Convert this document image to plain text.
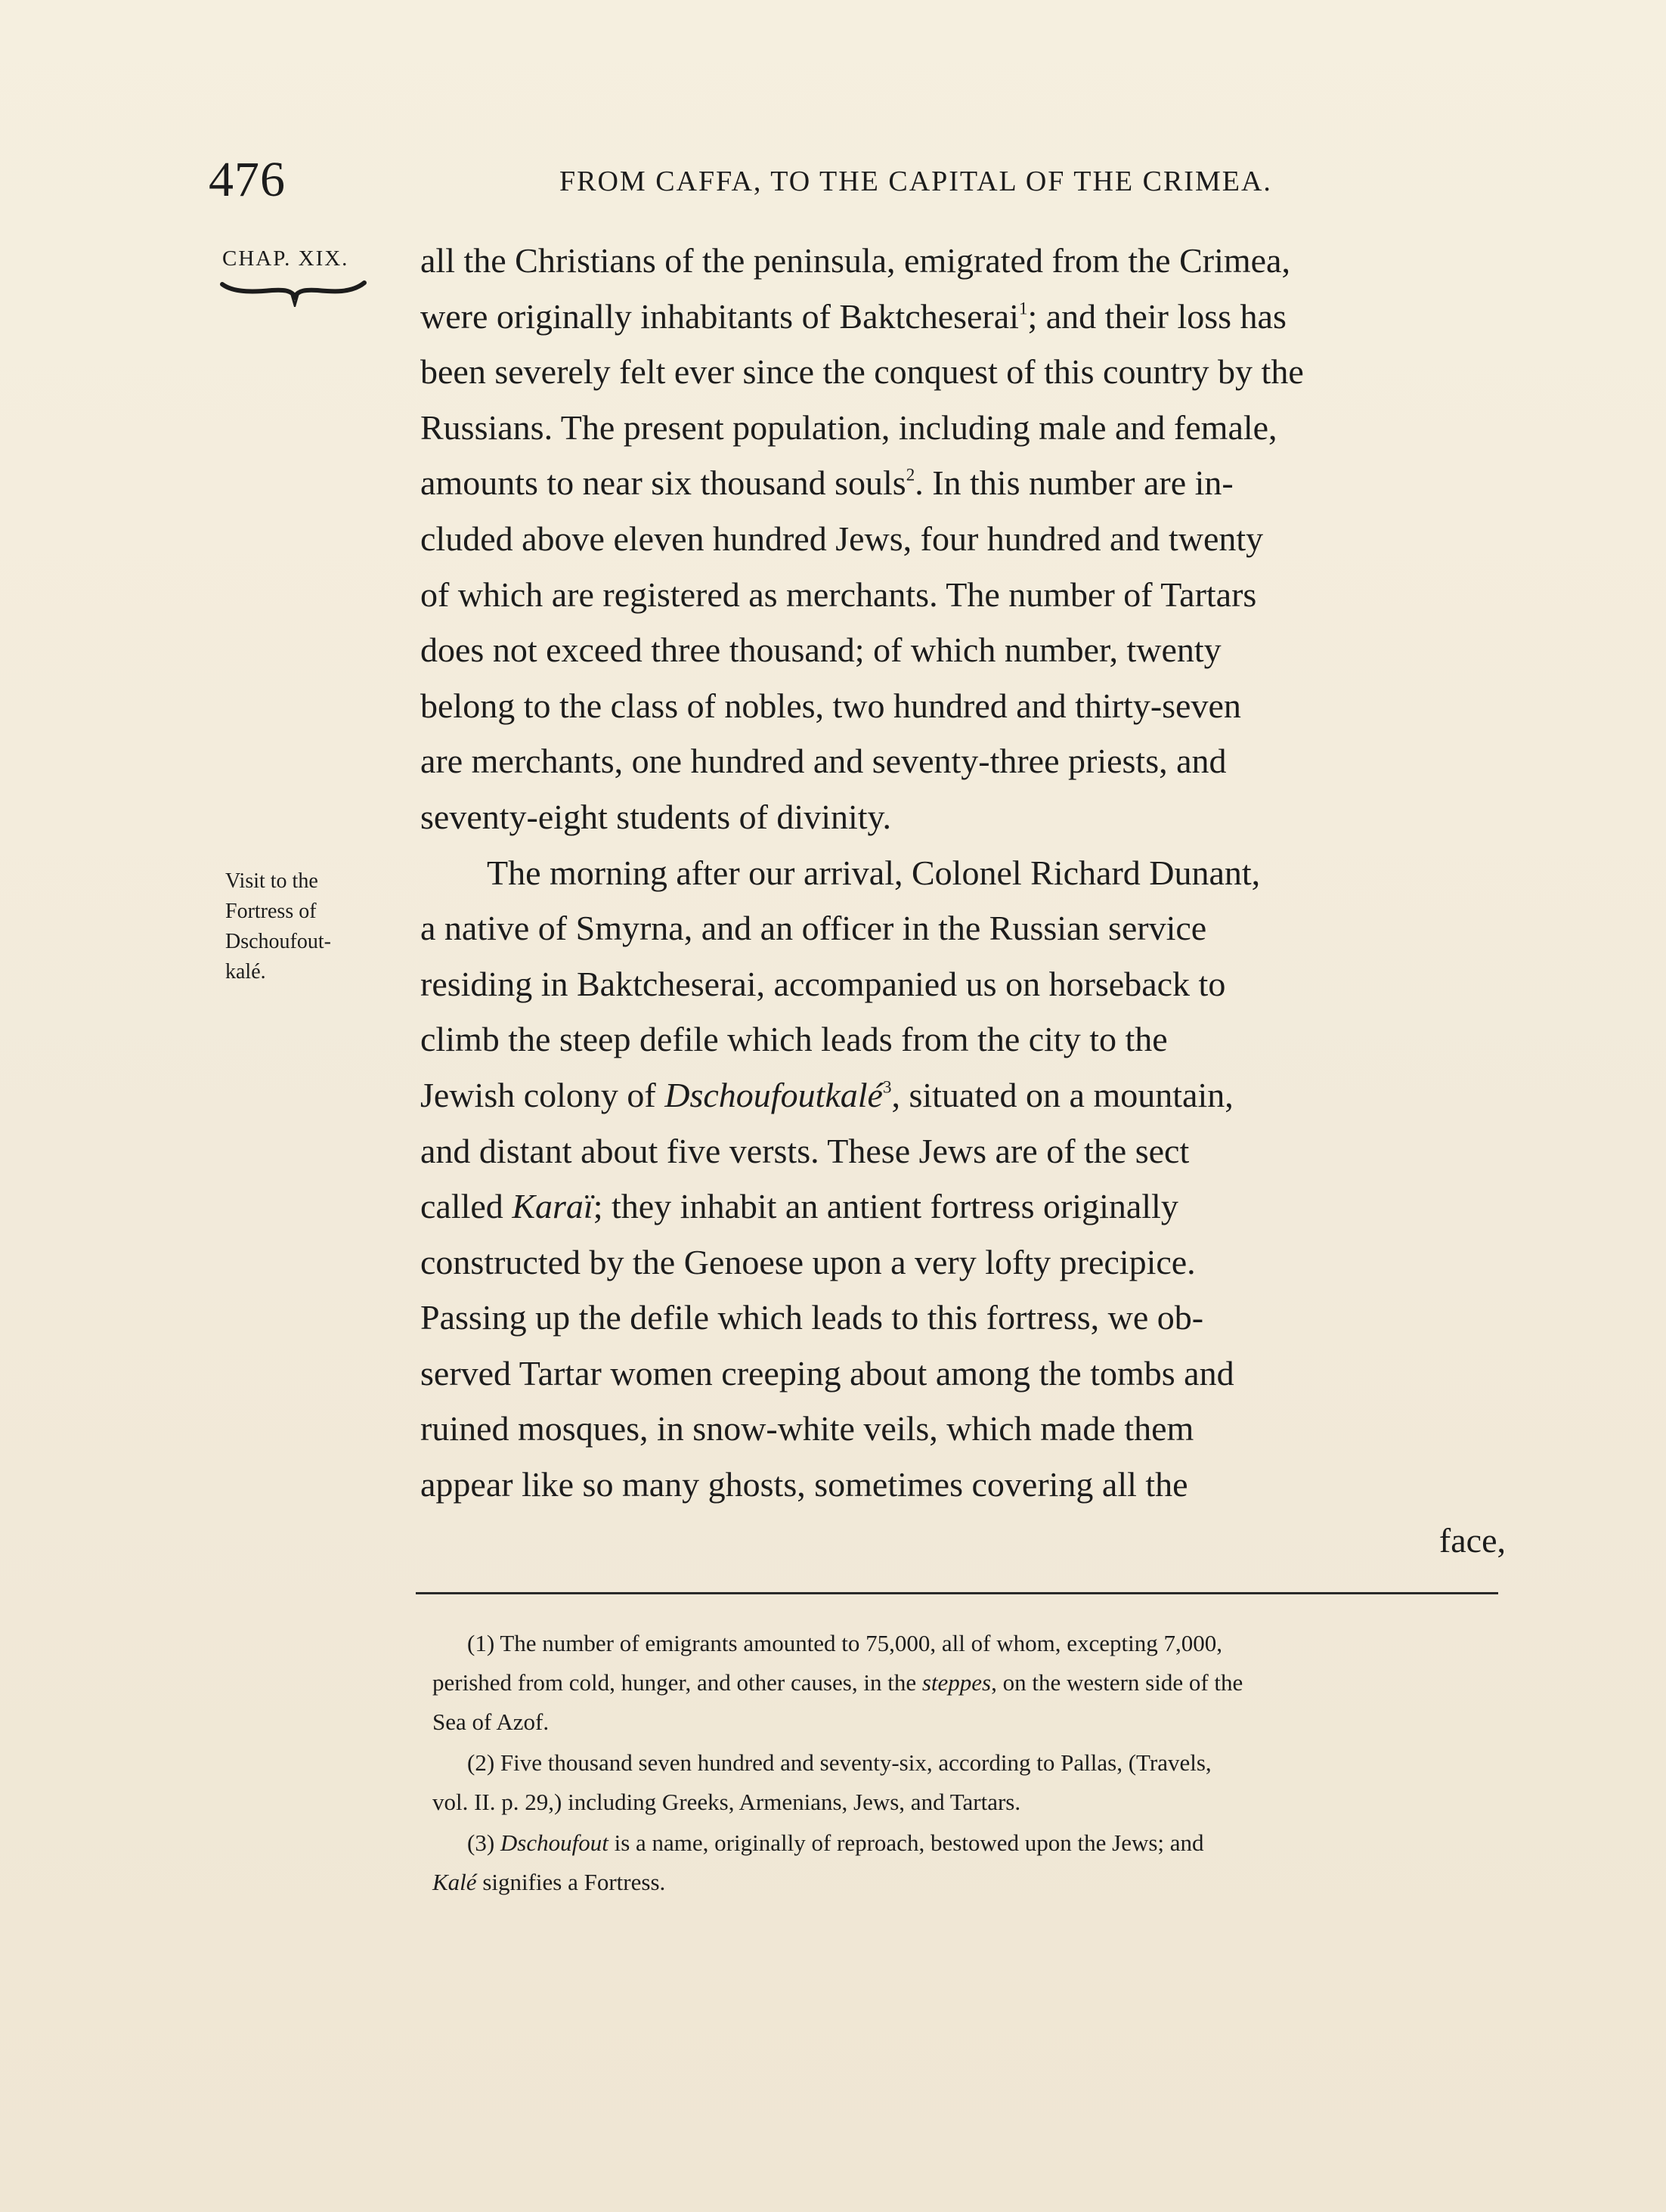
476	FROM CAFFA, TO THE CAPITAL OF THE CRIMEA.
CHAP. XIX.
Visit to the
Fortress of
Dschoufout-
kalé.
all the Christians of the peninsula, emigrated from the Crimea,
were originally inhabitants of Baktcheserai$^1$; and their loss has
been severely felt ever since the conquest of this country by the
Russians. The present population, including male and female,
amounts to near six thousand souls$^2$. In this number are in-
cluded above eleven hundred Jews, four hundred and twenty
of which are registered as merchants. The number of Tartars
does not exceed three thousand; of which number, twenty
belong to the class of nobles, two hundred and thirty-seven
are merchants, one hundred and seventy-three priests, and
seventy-eight students of divinity.
The morning after our arrival, Colonel Richard Dunant,
a native of Smyrna, and an officer in the Russian service
residing in Baktcheserai, accompanied us on horseback to
climb the steep defile which leads from the city to the
Jewish colony of Dschoufoutkalé$^3$, situated on a mountain,
and distant about five versts. These Jews are of the sect
called Karaï; they inhabit an antient fortress originally
constructed by the Genoese upon a very lofty precipice.
Passing up the defile which leads to this fortress, we ob-
served Tartar women creeping about among the tombs and
ruined mosques, in snow-white veils, which made them
appear like so many ghosts, sometimes covering all the
face,
(1) The number of emigrants amounted to 75,000, all of whom, excepting 7,000,
perished from cold, hunger, and other causes, in the steppes, on the western side of the
Sea of Azof.
(2) Five thousand seven hundred and seventy-six, according to Pallas, (Travels,
vol. II. p. 29,) including Greeks, Armenians, Jews, and Tartars.
(3) Dschoufout is a name, originally of reproach, bestowed upon the Jews; and
Kalé signifies a Fortress.
